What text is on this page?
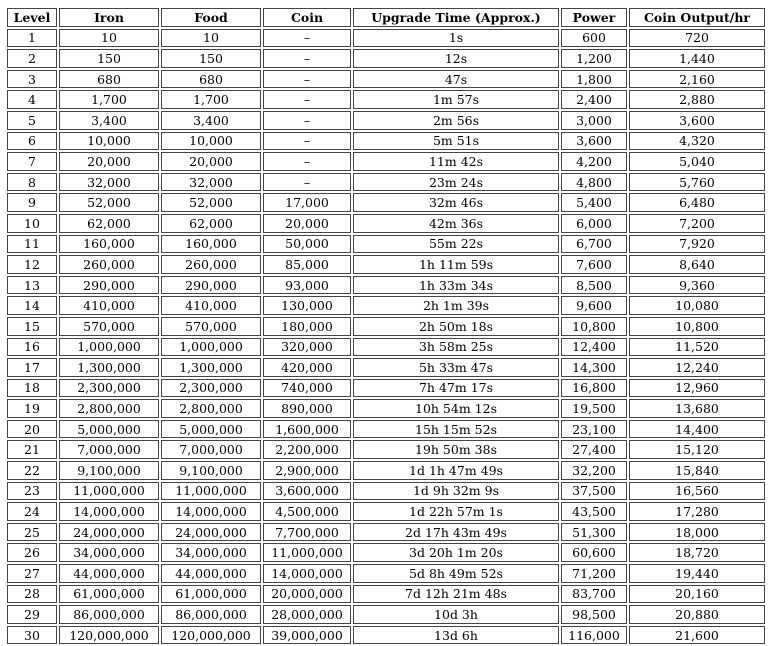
Level	Iron	Food	Coin	Upgrade Time (Approx.)	Power	Coin Output/hr
1	10	10	–	1s	600	720
2	150	150	–	12s	1,200	1,440
3	680	680	–	47s	1,800	2,160
4	1,700	1,700	–	1m 57s	2,400	2,880
5	3,400	3,400	–	2m 56s	3,000	3,600
6	10,000	10,000	–	5m 51s	3,600	4,320
7	20,000	20,000	–	11m 42s	4,200	5,040
8	32,000	32,000	–	23m 24s	4,800	5,760
9	52,000	52,000	17,000	32m 46s	5,400	6,480
10	62,000	62,000	20,000	42m 36s	6,000	7,200
11	160,000	160,000	50,000	55m 22s	6,700	7,920
12	260,000	260,000	85,000	1h 11m 59s	7,600	8,640
13	290,000	290,000	93,000	1h 33m 34s	8,500	9,360
14	410,000	410,000	130,000	2h 1m 39s	9,600	10,080
15	570,000	570,000	180,000	2h 50m 18s	10,800	10,800
16	1,000,000	1,000,000	320,000	3h 58m 25s	12,400	11,520
17	1,300,000	1,300,000	420,000	5h 33m 47s	14,300	12,240
18	2,300,000	2,300,000	740,000	7h 47m 17s	16,800	12,960
19	2,800,000	2,800,000	890,000	10h 54m 12s	19,500	13,680
20	5,000,000	5,000,000	1,600,000	15h 15m 52s	23,100	14,400
21	7,000,000	7,000,000	2,200,000	19h 50m 38s	27,400	15,120
22	9,100,000	9,100,000	2,900,000	1d 1h 47m 49s	32,200	15,840
23	11,000,000	11,000,000	3,600,000	1d 9h 32m 9s	37,500	16,560
24	14,000,000	14,000,000	4,500,000	1d 22h 57m 1s	43,500	17,280
25	24,000,000	24,000,000	7,700,000	2d 17h 43m 49s	51,300	18,000
26	34,000,000	34,000,000	11,000,000	3d 20h 1m 20s	60,600	18,720
27	44,000,000	44,000,000	14,000,000	5d 8h 49m 52s	71,200	19,440
28	61,000,000	61,000,000	20,000,000	7d 12h 21m 48s	83,700	20,160
29	86,000,000	86,000,000	28,000,000	10d 3h	98,500	20,880
30	120,000,000	120,000,000	39,000,000	13d 6h	116,000	21,600
